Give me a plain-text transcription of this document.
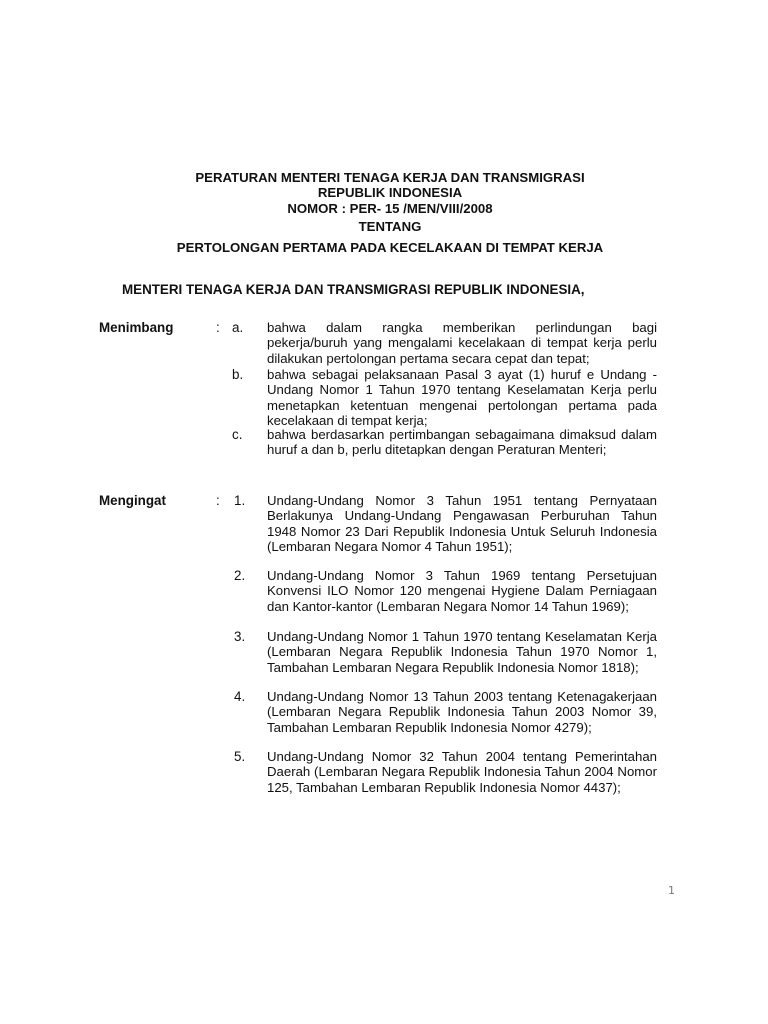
PERATURAN MENTERI TENAGA KERJA DAN TRANSMIGRASI
REPUBLIK INDONESIA
NOMOR : PER- 15 /MEN/VIII/2008
TENTANG
PERTOLONGAN PERTAMA PADA KECELAKAAN DI TEMPAT KERJA
MENTERI TENAGA KERJA DAN TRANSMIGRASI REPUBLIK INDONESIA,
Menimbang	: a. bahwa dalam rangka memberikan perlindungan bagi pekerja/buruh yang mengalami kecelakaan di tempat kerja perlu dilakukan pertolongan pertama secara cepat dan tepat;
b. bahwa sebagai pelaksanaan Pasal 3 ayat (1) huruf e Undang - Undang Nomor 1 Tahun 1970 tentang Keselamatan Kerja perlu menetapkan ketentuan mengenai pertolongan pertama pada kecelakaan di tempat kerja;
c. bahwa berdasarkan pertimbangan sebagaimana dimaksud dalam huruf a dan b, perlu ditetapkan dengan Peraturan Menteri;
Mengingat	: 1. Undang-Undang Nomor 3 Tahun 1951 tentang Pernyataan Berlakunya Undang-Undang Pengawasan Perburuhan Tahun 1948 Nomor 23 Dari Republik Indonesia Untuk Seluruh Indonesia (Lembaran Negara Nomor 4 Tahun 1951);
2. Undang-Undang Nomor 3 Tahun 1969 tentang Persetujuan Konvensi ILO Nomor 120 mengenai Hygiene Dalam Perniagaan dan Kantor-kantor (Lembaran Negara Nomor 14 Tahun 1969);
3. Undang-Undang Nomor 1 Tahun 1970 tentang Keselamatan Kerja (Lembaran Negara Republik Indonesia Tahun 1970 Nomor 1, Tambahan Lembaran Negara Republik Indonesia Nomor 1818);
4. Undang-Undang Nomor 13 Tahun 2003 tentang Ketenagakerjaan (Lembaran Negara Republik Indonesia Tahun 2003 Nomor 39, Tambahan Lembaran Republik Indonesia Nomor 4279);
5. Undang-Undang Nomor 32 Tahun 2004 tentang Pemerintahan Daerah (Lembaran Negara Republik Indonesia Tahun 2004 Nomor 125, Tambahan Lembaran Republik Indonesia Nomor 4437);
1
